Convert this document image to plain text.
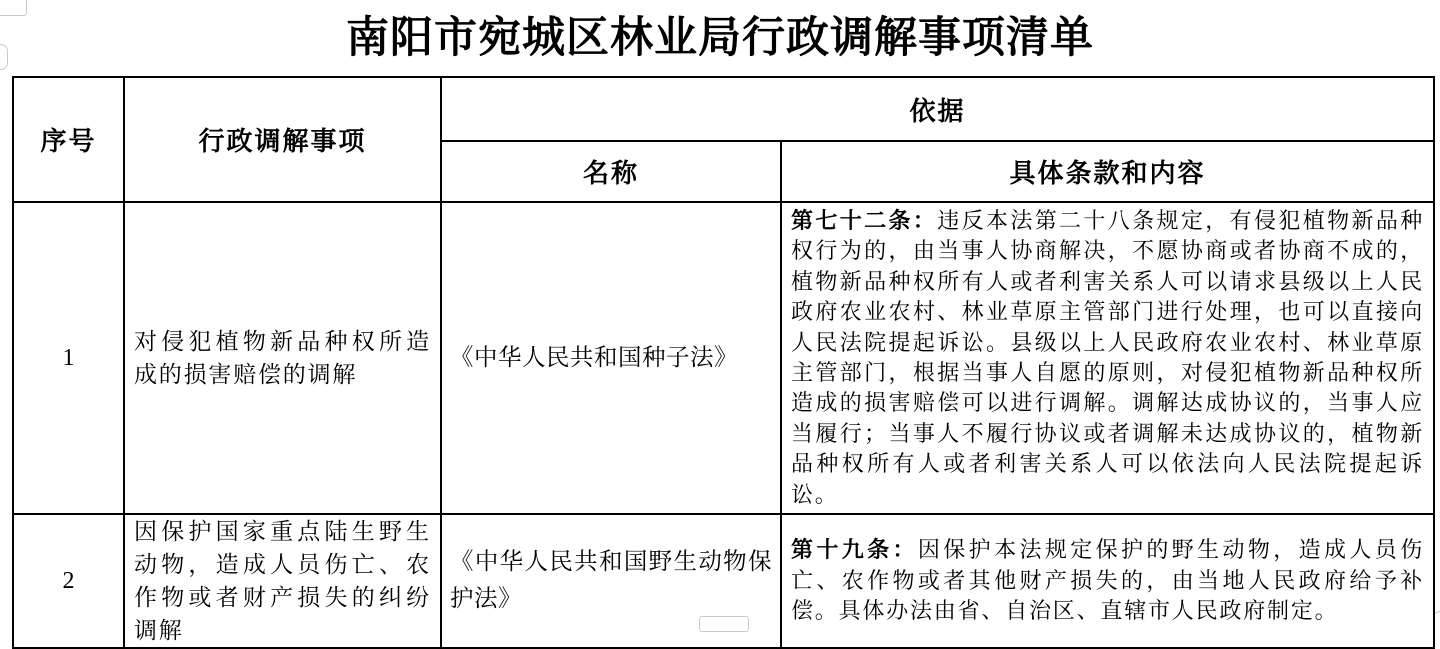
南阳市宛城区林业局行政调解事项清单
序号	行政调解事项	依据	
		名称	具体条款和内容
1	对侵犯植物新品种权所造成的损害赔偿的调解	《中华人民共和国种子法》	第七十二条：违反本法第二十八条规定，有侵犯植物新品种权行为的，由当事人协商解决，不愿协商或者协商不成的，植物新品种权所有人或者利害关系人可以请求县级以上人民政府农业农村、林业草原主管部门进行处理，也可以直接向人民法院提起诉讼。县级以上人民政府农业农村、林业草原主管部门，根据当事人自愿的原则，对侵犯植物新品种权所造成的损害赔偿可以进行调解。调解达成协议的，当事人应当履行；当事人不履行协议或者调解未达成协议的，植物新品种权所有人或者利害关系人可以依法向人民法院提起诉讼。
2	因保护国家重点陆生野生动物，造成人员伤亡、农作物或者财产损失的纠纷调解	《中华人民共和国野生动物保护法》	第十九条：因保护本法规定保护的野生动物，造成人员伤亡、农作物或者其他财产损失的，由当地人民政府给予补偿。具体办法由省、自治区、直辖市人民政府制定。
